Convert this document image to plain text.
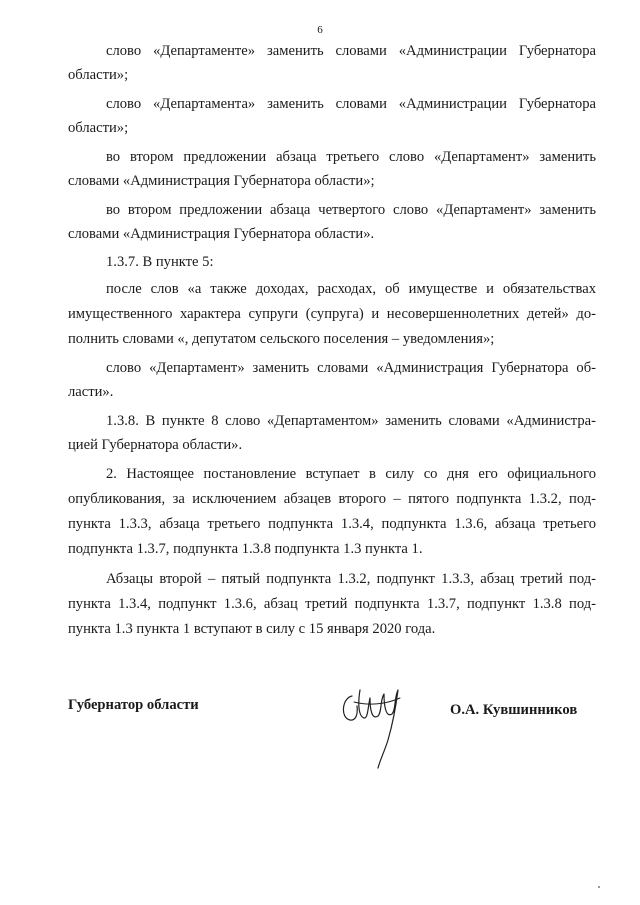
6
слово «Департаменте» заменить словами «Администрации Губернатора
области»;
слово «Департамента» заменить словами «Администрации Губернатора
области»;
во втором предложении абзаца третьего слово «Департамент» заменить
словами «Администрация Губернатора области»;
во втором предложении абзаца четвертого слово «Департамент» заменить
словами «Администрация Губернатора области».
1.3.7. В пункте 5:
после слов «а также доходах, расходах, об имуществе и обязательствах
имущественного характера супруги (супруга) и несовершеннолетних детей» до-
полнить словами «, депутатом сельского поселения – уведомления»;
слово «Департамент» заменить словами «Администрация Губернатора об-
ласти».
1.3.8. В пункте 8 слово «Департаментом» заменить словами «Администра-
цией Губернатора области».
2. Настоящее постановление вступает в силу со дня его официального
опубликования, за исключением абзацев второго – пятого подпункта 1.3.2, под-
пункта 1.3.3, абзаца третьего подпункта 1.3.4, подпункта 1.3.6, абзаца третьего
подпункта 1.3.7, подпункта 1.3.8 подпункта 1.3 пункта 1.
Абзацы второй – пятый подпункта 1.3.2, подпункт 1.3.3, абзац третий под-
пункта 1.3.4, подпункт 1.3.6, абзац третий подпункта 1.3.7, подпункт 1.3.8 под-
пункта 1.3 пункта 1 вступают в силу с 15 января 2020 года.
Губернатор области	О.А. Кувшинников
